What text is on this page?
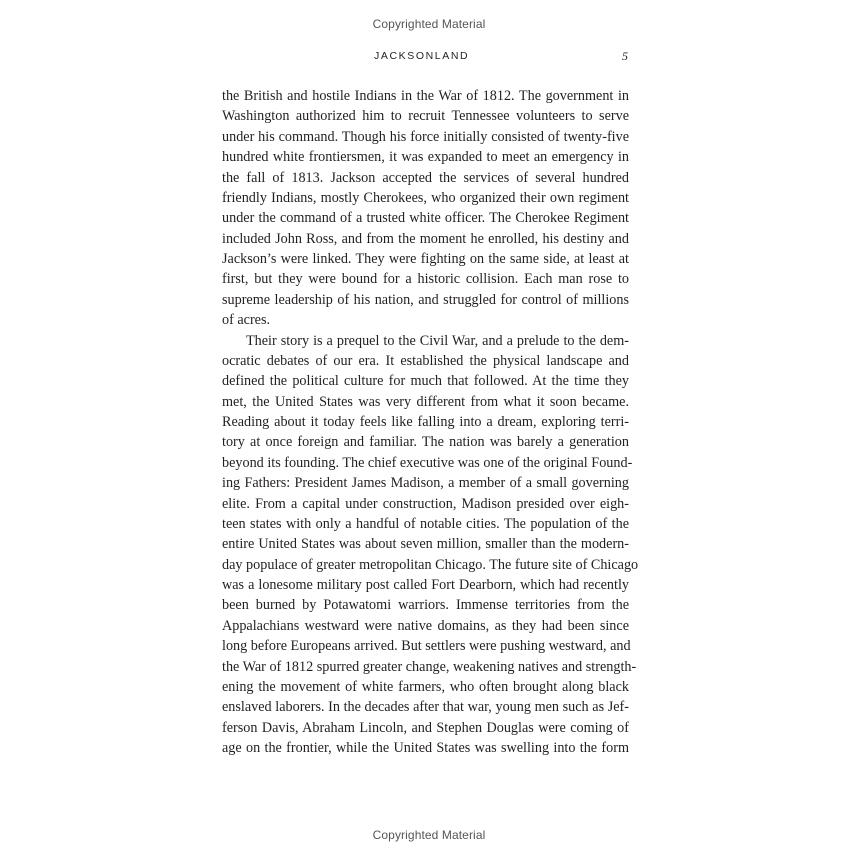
Copyrighted Material
JACKSONLAND	5
the British and hostile Indians in the War of 1812. The government in
Washington authorized him to recruit Tennessee volunteers to serve
under his command. Though his force initially consisted of twenty-five
hundred white frontiersmen, it was expanded to meet an emergency in
the fall of 1813. Jackson accepted the services of several hundred
friendly Indians, mostly Cherokees, who organized their own regiment
under the command of a trusted white officer. The Cherokee Regiment
included John Ross, and from the moment he enrolled, his destiny and
Jackson’s were linked. They were fighting on the same side, at least at
first, but they were bound for a historic collision. Each man rose to
supreme leadership of his nation, and struggled for control of millions
of acres.
Their story is a prequel to the Civil War, and a prelude to the dem-
ocratic debates of our era. It established the physical landscape and
defined the political culture for much that followed. At the time they
met, the United States was very different from what it soon became.
Reading about it today feels like falling into a dream, exploring terri-
tory at once foreign and familiar. The nation was barely a generation
beyond its founding. The chief executive was one of the original Found-
ing Fathers: President James Madison, a member of a small governing
elite. From a capital under construction, Madison presided over eigh-
teen states with only a handful of notable cities. The population of the
entire United States was about seven million, smaller than the modern-
day populace of greater metropolitan Chicago. The future site of Chicago
was a lonesome military post called Fort Dearborn, which had recently
been burned by Potawatomi warriors. Immense territories from the
Appalachians westward were native domains, as they had been since
long before Europeans arrived. But settlers were pushing westward, and
the War of 1812 spurred greater change, weakening natives and strength-
ening the movement of white farmers, who often brought along black
enslaved laborers. In the decades after that war, young men such as Jef-
ferson Davis, Abraham Lincoln, and Stephen Douglas were coming of
age on the frontier, while the United States was swelling into the form
Copyrighted Material
